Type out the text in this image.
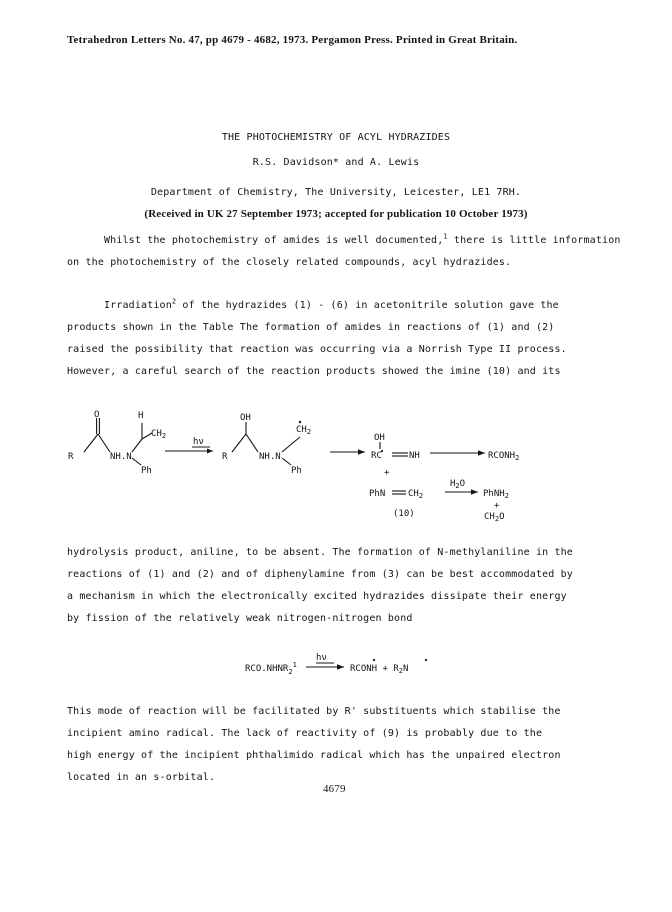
Tetrahedron Letters No. 47, pp 4679 - 4682, 1973. Pergamon Press. Printed in Great Britain.
THE PHOTOCHEMISTRY OF ACYL HYDRAZIDES
R.S. Davidson* and A. Lewis
Department of Chemistry, The University, Leicester, LE1 7RH.
(Received in UK 27 September 1973; accepted for publication 10 October 1973)
Whilst the photochemistry of amides is well documented,$^1$ there is little information
on the photochemistry of the closely related compounds, acyl hydrazides.
Irradiation$^2$ of the hydrazides (1) - (6) in acetonitrile solution gave the
products shown in the Table The formation of amides in reactions of (1) and (2)
raised the possibility that reaction was occurring via a Norrish Type II process.
However, a careful search of the reaction products showed the imine (10) and its
O	H
$CH_2$
R	NH.N
Ph
hν
OH
R	NH.N
$CH_2$
Ph
OH
RC	NH	$RCONH_2$
+
PhN	$CH_2$
$H_2O$
PhNH$_2$
+
(10)	$CH_2O$
hydrolysis product, aniline, to be absent. The formation of N-methylaniline in the
reactions of (1) and (2) and of diphenylamine from (3) can be best accommodated by
a mechanism in which the electronically excited hydrazides dissipate their energy
by fission of the relatively weak nitrogen-nitrogen bond
$RCO.NHNR_2^1$
hν
RCONH + $R_2N$
This mode of reaction will be facilitated by R' substituents which stabilise the
incipient amino radical. The lack of reactivity of (9) is probably due to the
high energy of the incipient phthalimido radical which has the unpaired electron
located in an s-orbital.
4679
